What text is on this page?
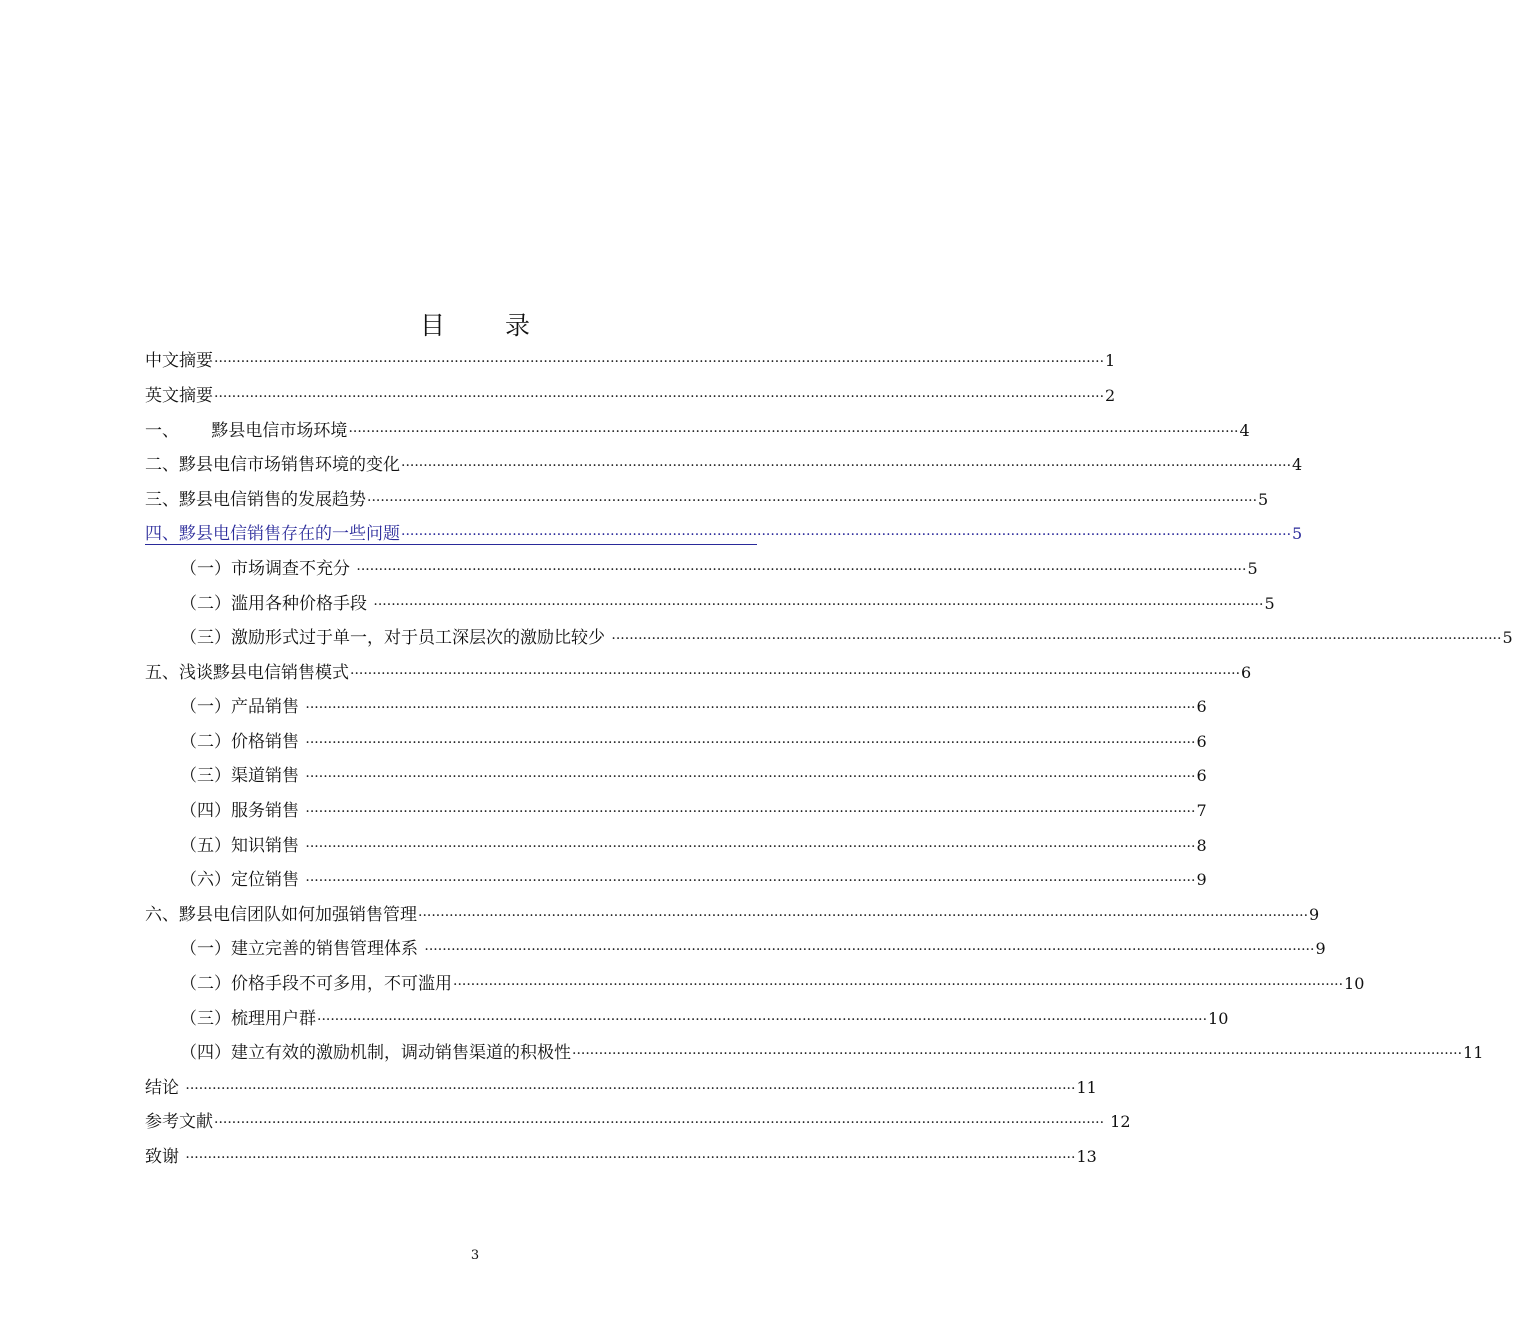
目 录
中文摘要 ········································································································································································································ 1
英文摘要 ········································································································································································································ 2
一、      黟县电信市场环境 ········································································································································································································ 4
二、黟县电信市场销售环境的变化 ········································································································································································································ 4
三、黟县电信销售的发展趋势 ········································································································································································································ 5
四、黟县电信销售存在的一些问题 ········································································································································································································ 5
（一）市场调查不充分 ········································································································································································································ 5
（二）滥用各种价格手段 ········································································································································································································ 5
（三）激励形式过于单一，对于员工深层次的激励比较少 ········································································································································································································ 5
五、浅谈黟县电信销售模式 ········································································································································································································ 6
（一）产品销售 ········································································································································································································ 6
（二）价格销售 ········································································································································································································ 6
（三）渠道销售 ········································································································································································································ 6
（四）服务销售 ········································································································································································································ 7
（五）知识销售 ········································································································································································································ 8
（六）定位销售 ········································································································································································································ 9
六、黟县电信团队如何加强销售管理 ········································································································································································································ 9
（一）建立完善的销售管理体系 ········································································································································································································ 9
（二）价格手段不可多用，不可滥用 ········································································································································································································ 10
（三）梳理用户群 ········································································································································································································ 10
（四）建立有效的激励机制，调动销售渠道的积极性 ········································································································································································································ 11
结论 ········································································································································································································ 11
参考文献 ········································································································································································································ 12
致谢 ········································································································································································································ 13
3
